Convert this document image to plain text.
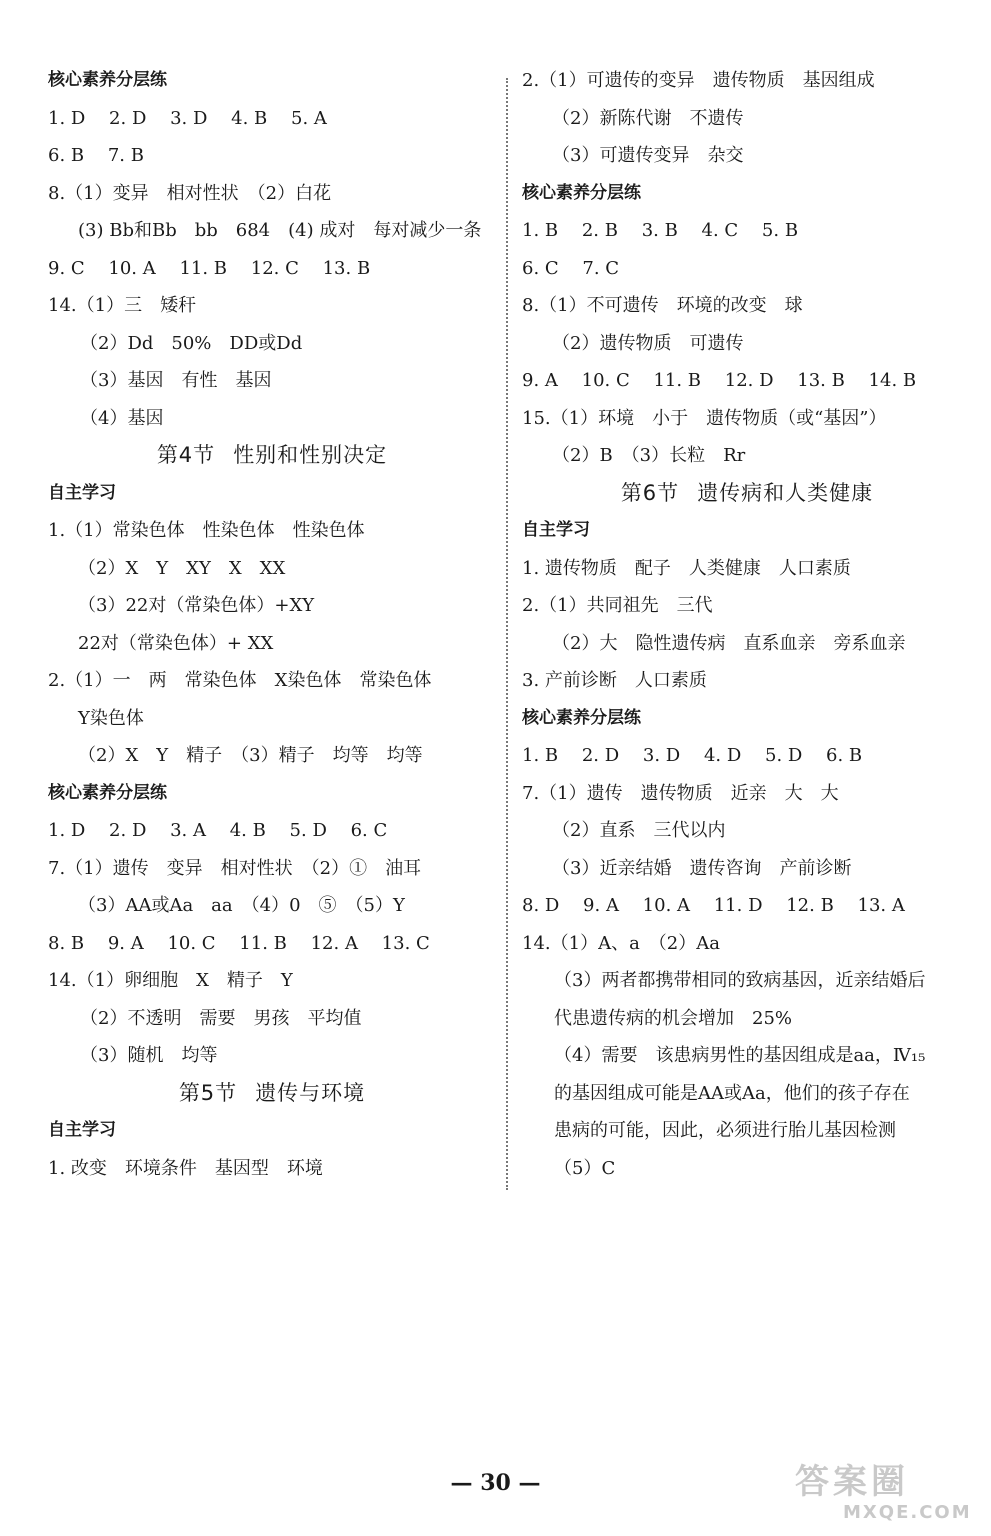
核心素养分层练
1. D　 2. D　 3. D　 4. B　 5. A
6. B　 7. B
8.（1）变异　相对性状　（2）白花
(3) Bb和Bb　bb　684　(4) 成对　每对减少一条
9. C　 10. A　 11. B　 12. C　 13. B
14.（1）三　矮秆
（2）Dd　50%　DD或Dd
（3）基因　有性　基因
（4）基因
第4节 性别和性别决定
自主学习
1.（1）常染色体　性染色体　性染色体
（2）X　Y　XY　X　XX
（3）22对（常染色体）+XY
22对（常染色体）+ XX
2.（1）一　两　常染色体　X染色体　常染色体
Y染色体
（2）X　Y　精子　（3）精子　均等　均等
核心素养分层练
1. D　 2. D　 3. A　 4. B　 5. D　 6. C
7.（1）遗传　变异　相对性状　（2）①　油耳
（3）AA或Aa　aa　（4）0　⑤　（5）Y
8. B　 9. A　 10. C　 11. B　 12. A　 13. C
14.（1）卵细胞　X　精子　Y
（2）不透明　需要　男孩　平均值
（3）随机　均等
第5节 遗传与环境
自主学习
1. 改变　环境条件　基因型　环境
2.（1）可遗传的变异　遗传物质　基因组成
（2）新陈代谢　不遗传
（3）可遗传变异　杂交
核心素养分层练
1. B　 2. B　 3. B　 4. C　 5. B
6. C　 7. C
8.（1）不可遗传　环境的改变　球
（2）遗传物质　可遗传
9. A　 10. C　 11. B　 12. D　 13. B　 14. B
15.（1）环境　小于　遗传物质（或“基因”）
（2）B　（3）长粒　Rr
第6节 遗传病和人类健康
自主学习
1. 遗传物质　配子　人类健康　人口素质
2.（1）共同祖先　三代
（2）大　隐性遗传病　直系血亲　旁系血亲
3. 产前诊断　人口素质
核心素养分层练
1. B　 2. D　 3. D　 4. D　 5. D　 6. B
7.（1）遗传　遗传物质　近亲　大　大
（2）直系　三代以内
（3）近亲结婚　遗传咨询　产前诊断
8. D　 9. A　 10. A　 11. D　 12. B　 13. A
14.（1）A、a　（2）Aa
（3）两者都携带相同的致病基因，近亲结婚后
代患遗传病的机会增加　25%
（4）需要　该患病男性的基因组成是aa，Ⅳ₁₅
的基因组成可能是AA或Aa，他们的孩子存在
患病的可能，因此，必须进行胎儿基因检测
（5）C
— 30 —	答案圈
MXQE.COM
